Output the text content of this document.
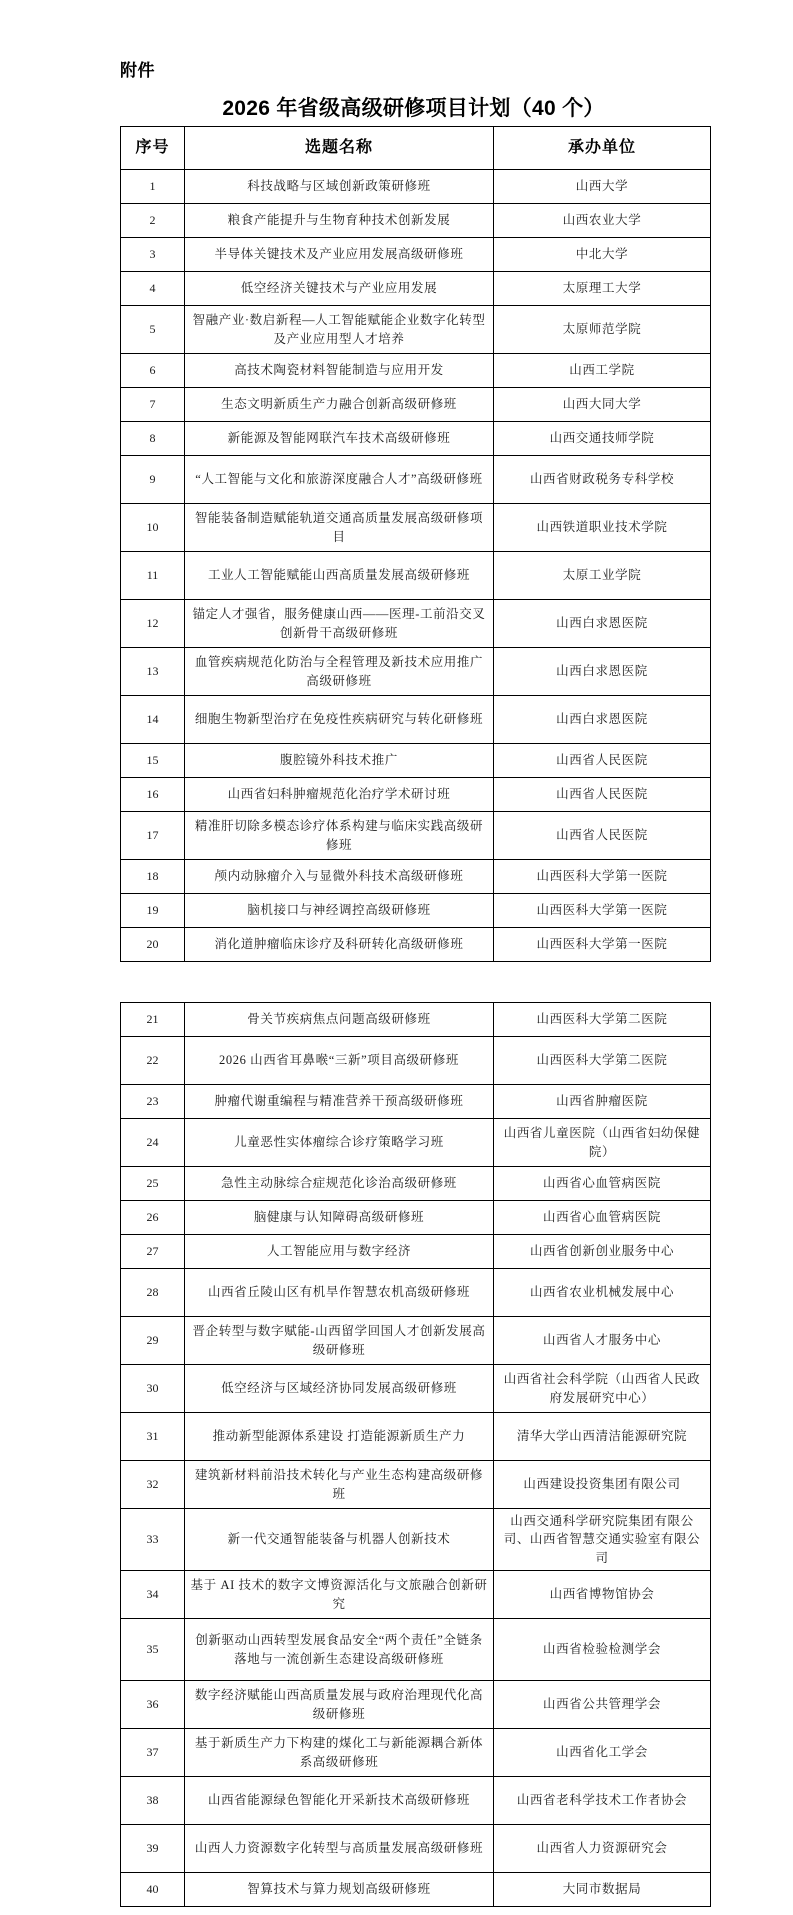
附件
2026 年省级高级研修项目计划（40 个）
序号	选题名称	承办单位
1	科技战略与区域创新政策研修班	山西大学
2	粮食产能提升与生物育种技术创新发展	山西农业大学
3	半导体关键技术及产业应用发展高级研修班	中北大学
4	低空经济关键技术与产业应用发展	太原理工大学
5	智融产业·数启新程—人工智能赋能企业数字化转型及产业应用型人才培养	太原师范学院
6	高技术陶瓷材料智能制造与应用开发	山西工学院
7	生态文明新质生产力融合创新高级研修班	山西大同大学
8	新能源及智能网联汽车技术高级研修班	山西交通技师学院
9	“人工智能与文化和旅游深度融合人才”高级研修班	山西省财政税务专科学校
10	智能装备制造赋能轨道交通高质量发展高级研修项目	山西铁道职业技术学院
11	工业人工智能赋能山西高质量发展高级研修班	太原工业学院
12	锚定人才强省，服务健康山西——医理-工前沿交叉创新骨干高级研修班	山西白求恩医院
13	血管疾病规范化防治与全程管理及新技术应用推广高级研修班	山西白求恩医院
14	细胞生物新型治疗在免疫性疾病研究与转化研修班	山西白求恩医院
15	腹腔镜外科技术推广	山西省人民医院
16	山西省妇科肿瘤规范化治疗学术研讨班	山西省人民医院
17	精准肝切除多模态诊疗体系构建与临床实践高级研修班	山西省人民医院
18	颅内动脉瘤介入与显微外科技术高级研修班	山西医科大学第一医院
19	脑机接口与神经调控高级研修班	山西医科大学第一医院
20	消化道肿瘤临床诊疗及科研转化高级研修班	山西医科大学第一医院
21	骨关节疾病焦点问题高级研修班	山西医科大学第二医院
22	2026 山西省耳鼻喉“三新”项目高级研修班	山西医科大学第二医院
23	肿瘤代谢重编程与精准营养干预高级研修班	山西省肿瘤医院
24	儿童恶性实体瘤综合诊疗策略学习班	山西省儿童医院（山西省妇幼保健院）
25	急性主动脉综合症规范化诊治高级研修班	山西省心血管病医院
26	脑健康与认知障碍高级研修班	山西省心血管病医院
27	人工智能应用与数字经济	山西省创新创业服务中心
28	山西省丘陵山区有机旱作智慧农机高级研修班	山西省农业机械发展中心
29	晋企转型与数字赋能-山西留学回国人才创新发展高级研修班	山西省人才服务中心
30	低空经济与区域经济协同发展高级研修班	山西省社会科学院（山西省人民政府发展研究中心）
31	推动新型能源体系建设 打造能源新质生产力	清华大学山西清洁能源研究院
32	建筑新材料前沿技术转化与产业生态构建高级研修班	山西建设投资集团有限公司
33	新一代交通智能装备与机器人创新技术	山西交通科学研究院集团有限公司、山西省智慧交通实验室有限公司
34	基于 AI 技术的数字文博资源活化与文旅融合创新研究	山西省博物馆协会
35	创新驱动山西转型发展食品安全“两个责任”全链条落地与一流创新生态建设高级研修班	山西省检验检测学会
36	数字经济赋能山西高质量发展与政府治理现代化高级研修班	山西省公共管理学会
37	基于新质生产力下构建的煤化工与新能源耦合新体系高级研修班	山西省化工学会
38	山西省能源绿色智能化开采新技术高级研修班	山西省老科学技术工作者协会
39	山西人力资源数字化转型与高质量发展高级研修班	山西省人力资源研究会
40	智算技术与算力规划高级研修班	大同市数据局
